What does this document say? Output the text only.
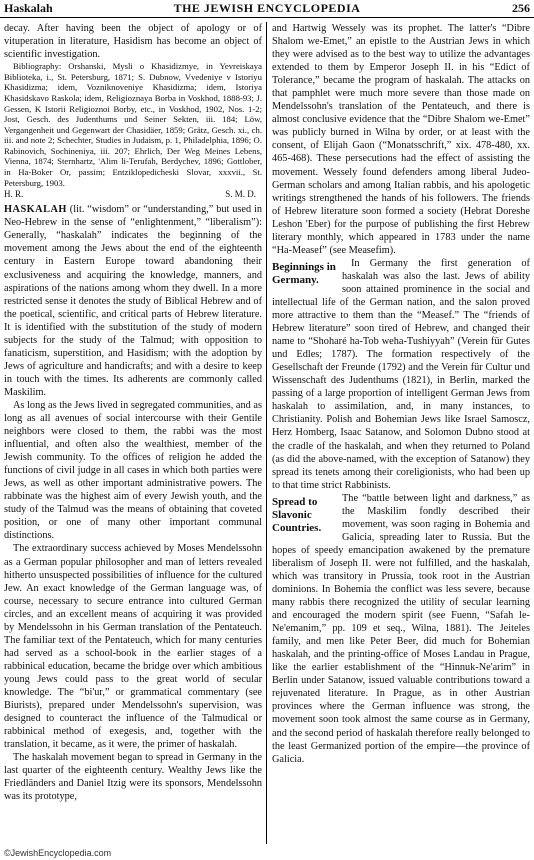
Haskalah	THE JEWISH ENCYCLOPEDIA	256

decay. After having been the object of apology or of vituperation in literature, Hasidism has become an object of scientific investigation.

Bibliography: Orshanski, Mysli o Khasidizmye, in Yevreiskaya Biblioteka, i., St. Petersburg, 1871; S. Dubnow, Vvedeniye v Istoriyu Khasidizma; idem, Vozniknoveniye Khasidizma; idem, Istoriya Khasidskavo Raskola; idem, Religioznaya Borba in Voskhod, 1888-93; J. Gessen, K Istorii Religioznoi Borby, etc., in Voskhod, 1902, Nos. 1-2; Jost, Gesch. des Judenthums und Seiner Sekten, iii. 184; Löw, Vergangenheit und Gegenwart der Chasidäer, 1859; Grätz, Gesch. xi., ch. iii. and note 2; Schechter, Studies in Judaism, p. 1, Philadelphia, 1896; O. Rabinovich, Sochineniya, iii. 207; Ehrlich, Der Weg Meines Lebens, Vienna, 1874; Sternhartz, 'Alim li-Terufah, Berdychev, 1896; Gottlober, in Ha-Boker Or, passim; Entziklopedicheski Slovar, xxxvii., St. Petersburg, 1903.

H. R.	S. M. D.

HASKALAH (lit. “wisdom” or “understanding,” but used in Neo-Hebrew in the sense of “enlightenment,” “liberalism”): Generally, “haskalah” indicates the beginning of the movement among the Jews about the end of the eighteenth century in Eastern Europe toward abandoning their exclusiveness and acquiring the knowledge, manners, and aspirations of the nations among whom they dwell. In a more restricted sense it denotes the study of Biblical Hebrew and of the poetical, scientific, and critical parts of Hebrew literature. It is identified with the substitution of the study of modern subjects for the study of the Talmud; with opposition to fanaticism, superstition, and Hasidism; with the adoption by Jews of agriculture and handicrafts; and with a desire to keep in touch with the times. Its adherents are commonly called Maskilim.

As long as the Jews lived in segregated communities, and as long as all avenues of social intercourse with their Gentile neighbors were closed to them, the rabbi was the most influential, and often also the wealthiest, member of the Jewish community. To the offices of religion he added the functions of civil judge in all cases in which both parties were Jews, as well as other important administrative powers. The rabbinate was the highest aim of every Jewish youth, and the study of the Talmud was the means of obtaining that coveted position, or one of many other important communal distinctions.

The extraordinary success achieved by Moses Mendelssohn as a German popular philosopher and man of letters revealed hitherto unsuspected possibilities of influence for the cultured Jew. An exact knowledge of the German language was, of course, necessary to secure entrance into cultured German circles, and an excellent means of acquiring it was provided by Mendelssohn in his German translation of the Pentateuch. The familiar text of the Pentateuch, which for many centuries had served as a school-book in the earlier stages of a rabbinical education, became the bridge over which ambitious young Jews could pass to the great world of secular knowledge. The “bi'ur,” or grammatical commentary (see Biurists), prepared under Mendelssohn's supervision, was designed to counteract the influence of the Talmudical or rabbinical method of exegesis, and, together with the translation, it became, as it were, the primer of haskalah.

The haskalah movement began to spread in Germany in the last quarter of the eighteenth century. Wealthy Jews like the Friedländers and Daniel Itzig were its sponsors, Mendelssohn was its prototype,

and Hartwig Wessely was its prophet. The latter's “Dibre Shalom we-Emet,” an epistle to the Austrian Jews in which they were advised as to the best way to utilize the advantages extended to them by Emperor Joseph II. in his “Edict of Tolerance,” became the program of haskalah. The attacks on that pamphlet were much more severe than those made on Mendelssohn's translation of the Pentateuch, and there is almost conclusive evidence that the “Dibre Shalom we-Emet” was publicly burned in Wilna by order, or at least with the consent, of Elijah Gaon (“Monatsschrift,” xix. 478-480, xx. 465-468). These persecutions had the effect of assisting the movement. Wessely found defenders among liberal Judeo-German scholars and among Italian rabbis, and his apologetic writings strengthened the hands of his followers. The friends of Hebrew literature soon formed a society (Hebrat Doreshe Leshon 'Eber) for the purpose of publishing the first Hebrew literary monthly, which appeared in 1783 under the name “Ha-Measef” (see Measefim).

Beginnings in Germany.

In Germany the first generation of haskalah was also the last. Jews of ability soon attained prominence in the social and intellectual life of the German nation, and the salon proved more attractive to them than the “Measef.” The “friends of Hebrew literature” soon tired of Hebrew, and changed their name to “Shoharé ha-Tob weha-Tushiyyah” (Verein für Gutes und Edles; 1787). The formation respectively of the Gesellschaft der Freunde (1792) and the Verein für Cultur und Wissenschaft des Judenthums (1821), in Berlin, marked the passing of a large proportion of intelligent German Jews from haskalah to assimilation, and, in many instances, to Christianity. Polish and Bohemian Jews like Israel Samoscz, Herz Homberg, Isaac Satanow, and Solomon Dubno stood at the cradle of the haskalah, and when they returned to Poland (as did the above-named, with the exception of Satanow) they spread its tenets among their coreligionists, who had been up to that time strict Rabbinists.

Spread to Slavonic Countries.

The “battle between light and darkness,” as the Maskilim fondly described their movement, was soon raging in Bohemia and Galicia, spreading later to Russia. But the hopes of speedy emancipation awakened by the premature liberalism of Joseph II. were not fulfilled, and the haskalah, which was transitory in Prussia, took root in the Austrian dominions. In Bohemia the conflict was less severe, because many rabbis there recognized the utility of secular learning and encouraged the modern spirit (see Fuenn, “Safah le-Ne'emanim,” pp. 109 et seq., Wilna, 1881). The Jeiteles family, and men like Peter Beer, did much for Bohemian haskalah, and the printing-office of Moses Landau in Prague, like the earlier establishment of the “Hinnuk-Ne'arim” in Berlin under Satanow, issued valuable contributions toward a rejuvenated literature. In Prague, as in other Austrian provinces where the German influence was strong, the movement soon took almost the same course as in Germany, and the second period of haskalah therefore really belonged to the least Germanized portion of the empire—the province of Galicia.

©JewishEncyclopedia.com
